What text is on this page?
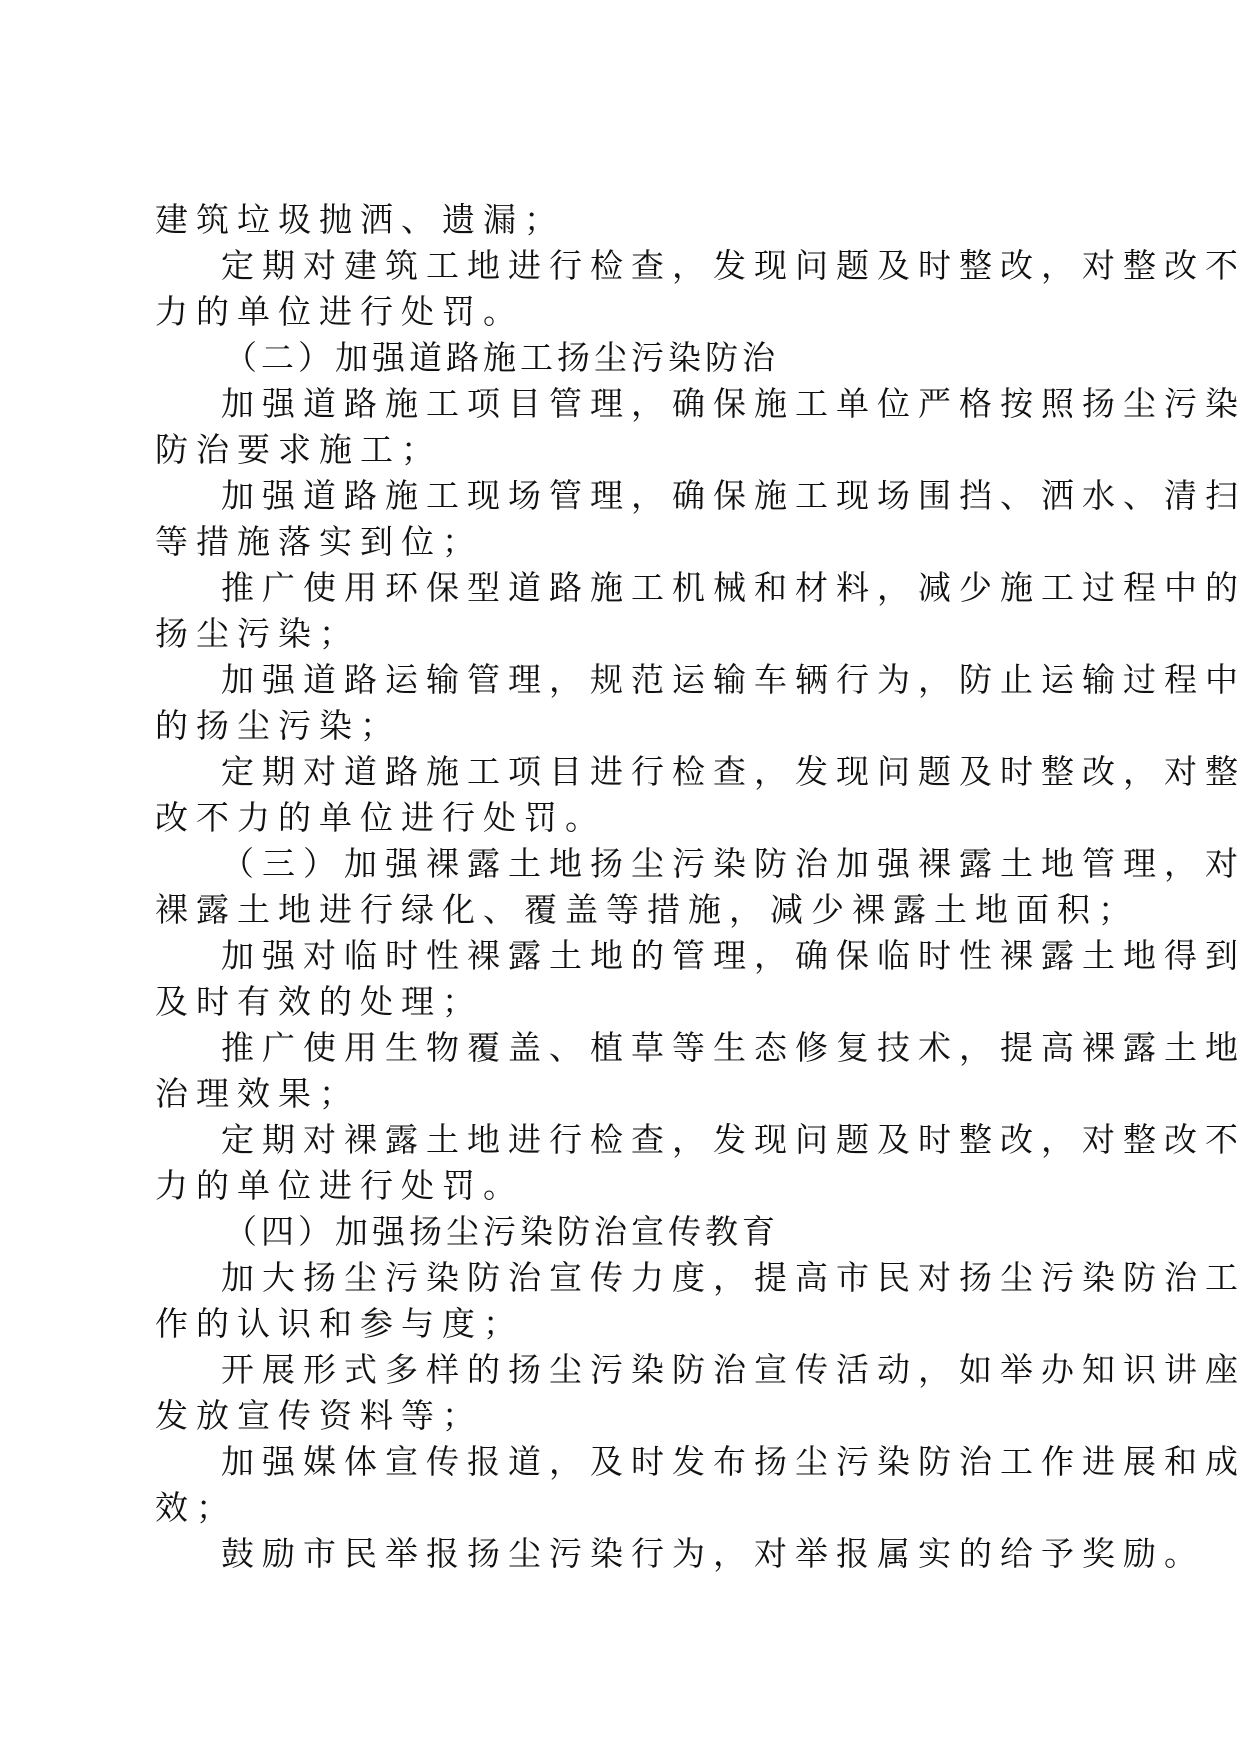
建筑垃圾抛洒、遗漏；
定期对建筑工地进行检查，发现问题及时整改，对整改不
力的单位进行处罚。
（二）加强道路施工扬尘污染防治
加强道路施工项目管理，确保施工单位严格按照扬尘污染
防治要求施工；
加强道路施工现场管理，确保施工现场围挡、洒水、清扫
等措施落实到位；
推广使用环保型道路施工机械和材料，减少施工过程中的
扬尘污染；
加强道路运输管理，规范运输车辆行为，防止运输过程中
的扬尘污染；
定期对道路施工项目进行检查，发现问题及时整改，对整
改不力的单位进行处罚。
（三）加强裸露土地扬尘污染防治加强裸露土地管理，对
裸露土地进行绿化、覆盖等措施，减少裸露土地面积；
加强对临时性裸露土地的管理，确保临时性裸露土地得到
及时有效的处理；
推广使用生物覆盖、植草等生态修复技术，提高裸露土地
治理效果；
定期对裸露土地进行检查，发现问题及时整改，对整改不
力的单位进行处罚。
（四）加强扬尘污染防治宣传教育
加大扬尘污染防治宣传力度，提高市民对扬尘污染防治工
作的认识和参与度；
开展形式多样的扬尘污染防治宣传活动，如举办知识讲座
发放宣传资料等；
加强媒体宣传报道，及时发布扬尘污染防治工作进展和成
效；
鼓励市民举报扬尘污染行为，对举报属实的给予奖励。
